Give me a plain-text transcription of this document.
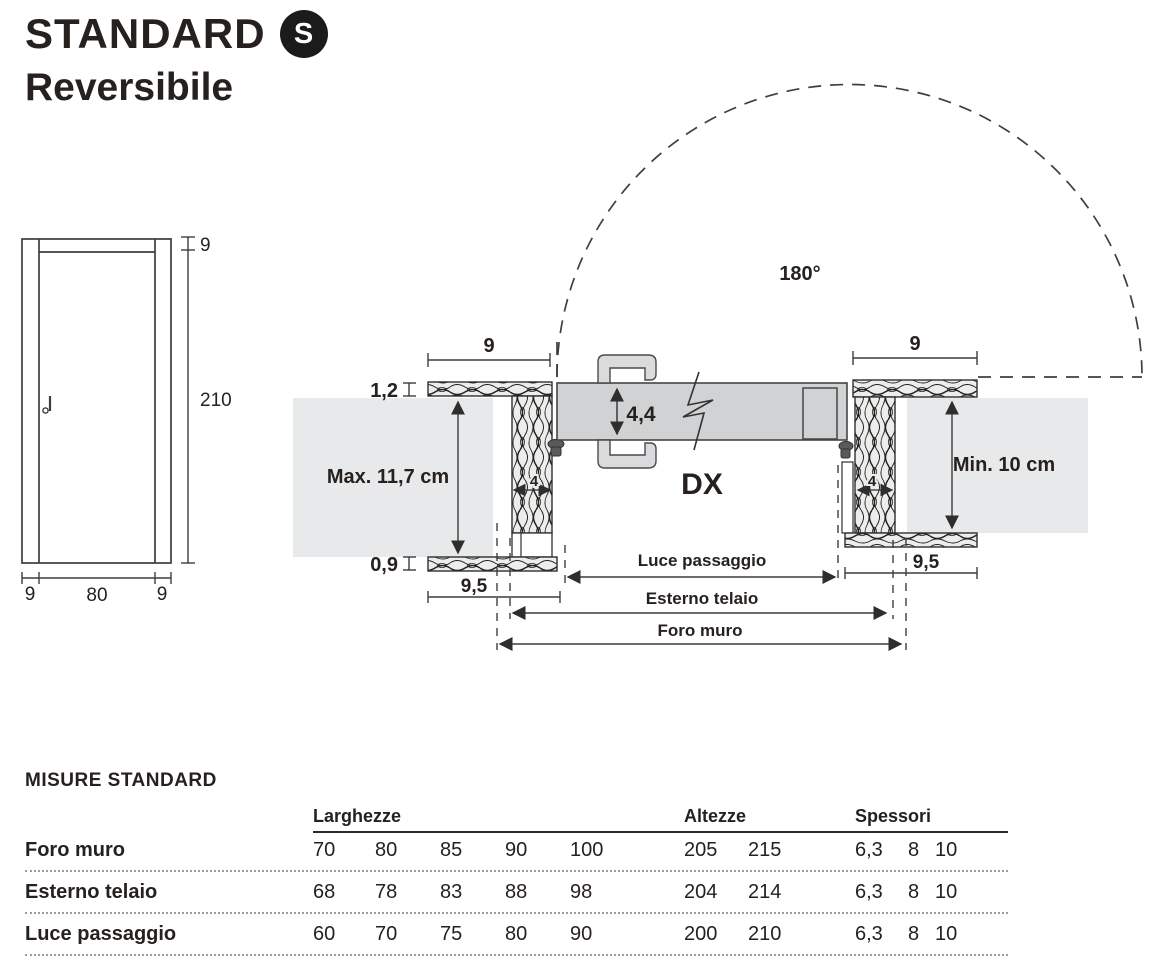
STANDARD S
Reversibile
9
210
9	80	9
180°
4
4,4
DX	4
9	9
1,2
0,9
Max. 11,7 cm
Min. 10 cm
9,5
9,5
Luce passaggio
Esterno telaio
Foro muro

MISURE STANDARD

Larghezze	Altezze	Spessori
Foro muro	70	80	85	90	100	205	215	6,3	8 10
Esterno telaio	68	78	83	88	98	204	214	6,3	8 10
Luce passaggio	60	70	75	80	90	200	210	6,3	8 10
